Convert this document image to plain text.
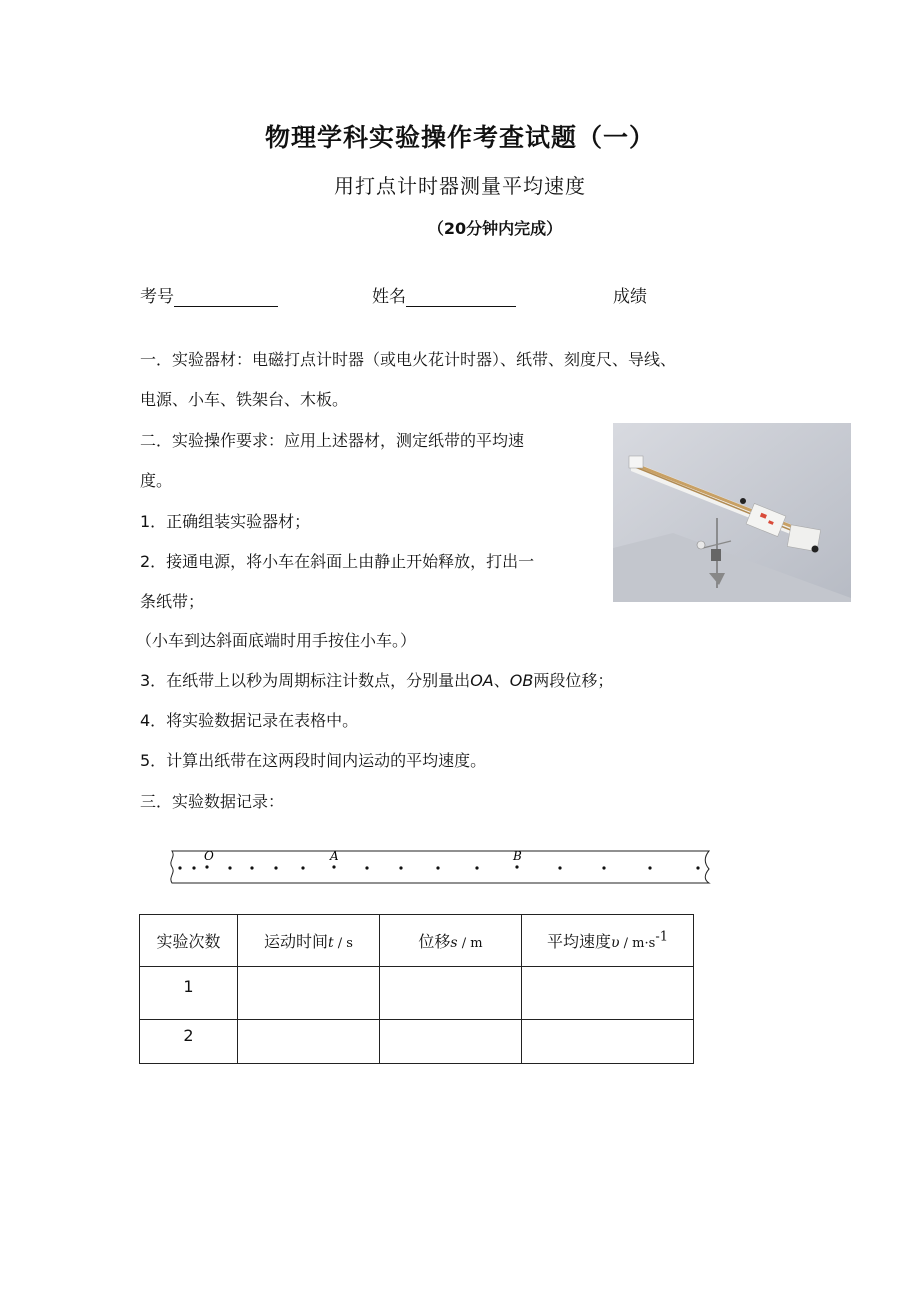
物理学科实验操作考查试题（一）
用打点计时器测量平均速度
（20分钟内完成）
考号	姓名	成绩
一．实验器材：电磁打点计时器（或电火花计时器）、纸带、刻度尺、导线、
电源、小车、铁架台、木板。
二．实验操作要求：应用上述器材，测定纸带的平均速
度。
1．正确组装实验器材；
2．接通电源，将小车在斜面上由静止开始释放，打出一
条纸带；
（小车到达斜面底端时用手按住小车。）
3．在纸带上以秒为周期标注计数点，分别量出OA、OB两段位移；
4．将实验数据记录在表格中。
5．计算出纸带在这两段时间内运动的平均速度。
三．实验数据记录：
O	A	B
实验次数	运动时间t / s	位移s / m	平均速度$\upsilon / m\cdot s^{-1}$
1			
2			
